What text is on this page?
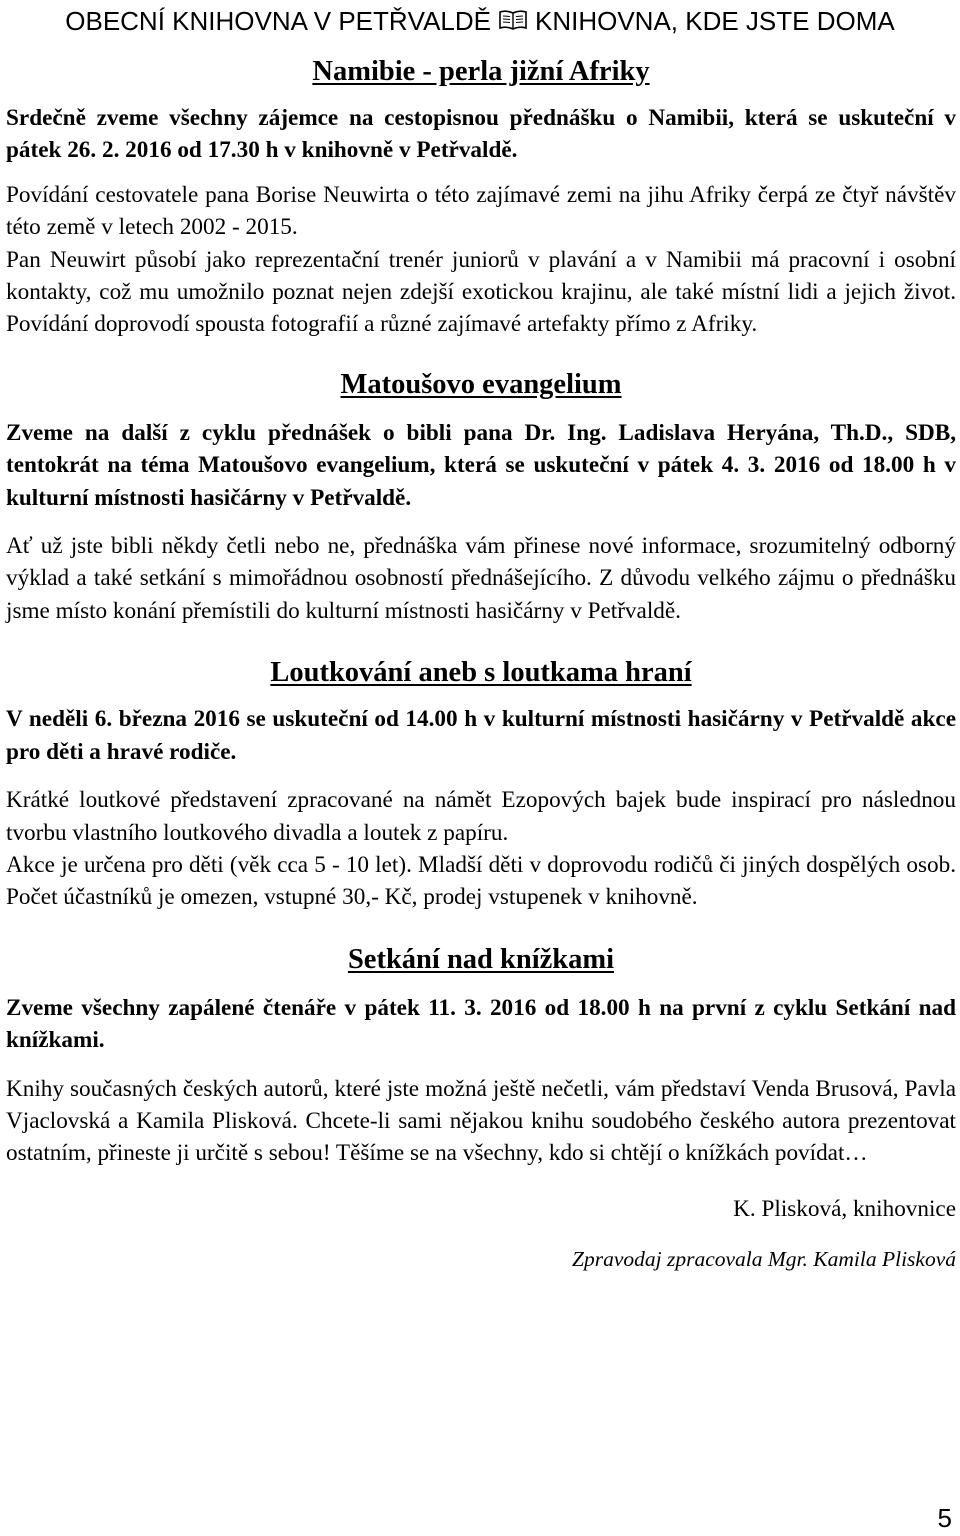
OBECNÍ KNIHOVNA V PETŘVALDĚ KNIHOVNA, KDE JSTE DOMA
Namibie - perla jižní Afriky

Srdečně zveme všechny zájemce na cestopisnou přednášku o Namibii, která se uskuteční v pátek 26. 2. 2016 od 17.30 h v knihovně v Petřvaldě.

Povídání cestovatele pana Borise Neuwirta o této zajímavé zemi na jihu Afriky čerpá ze čtyř návštěv této země v letech 2002 - 2015.

Pan Neuwirt působí jako reprezentační trenér juniorů v plavání a v Namibii má pracovní i osobní kontakty, což mu umožnilo poznat nejen zdejší exotickou krajinu, ale také místní lidi a jejich život. Povídání doprovodí spousta fotografií a různé zajímavé artefakty přímo z Afriky.

Matoušovo evangelium

Zveme na další z cyklu přednášek o bibli pana Dr. Ing. Ladislava Heryána, Th.D., SDB, tentokrát na téma Matoušovo evangelium, která se uskuteční v pátek 4. 3. 2016 od 18.00 h v kulturní místnosti hasičárny v Petřvaldě.

Ať už jste bibli někdy četli nebo ne, přednáška vám přinese nové informace, srozumitelný odborný výklad a také setkání s mimořádnou osobností přednášejícího. Z důvodu velkého zájmu o přednášku jsme místo konání přemístili do kulturní místnosti hasičárny v Petřvaldě.

Loutkování aneb s loutkama hraní

V neděli 6. března 2016 se uskuteční od 14.00 h v kulturní místnosti hasičárny v Petřvaldě akce pro děti a hravé rodiče.

Krátké loutkové představení zpracované na námět Ezopových bajek bude inspirací pro následnou tvorbu vlastního loutkového divadla a loutek z papíru.

Akce je určena pro děti (věk cca 5 - 10 let). Mladší děti v doprovodu rodičů či jiných dospělých osob. Počet účastníků je omezen, vstupné 30,- Kč, prodej vstupenek v knihovně.

Setkání nad knížkami

Zveme všechny zapálené čtenáře v pátek 11. 3. 2016 od 18.00 h na první z cyklu Setkání nad knížkami.

Knihy současných českých autorů, které jste možná ještě nečetli, vám představí Venda Brusová, Pavla Vjaclovská a Kamila Plisková. Chcete-li sami nějakou knihu soudobého českého autora prezentovat ostatním, přineste ji určitě s sebou! Těšíme se na všechny, kdo si chtějí o knížkách povídat…

K. Plisková, knihovnice
Zpravodaj zpracovala Mgr. Kamila Plisková
5
